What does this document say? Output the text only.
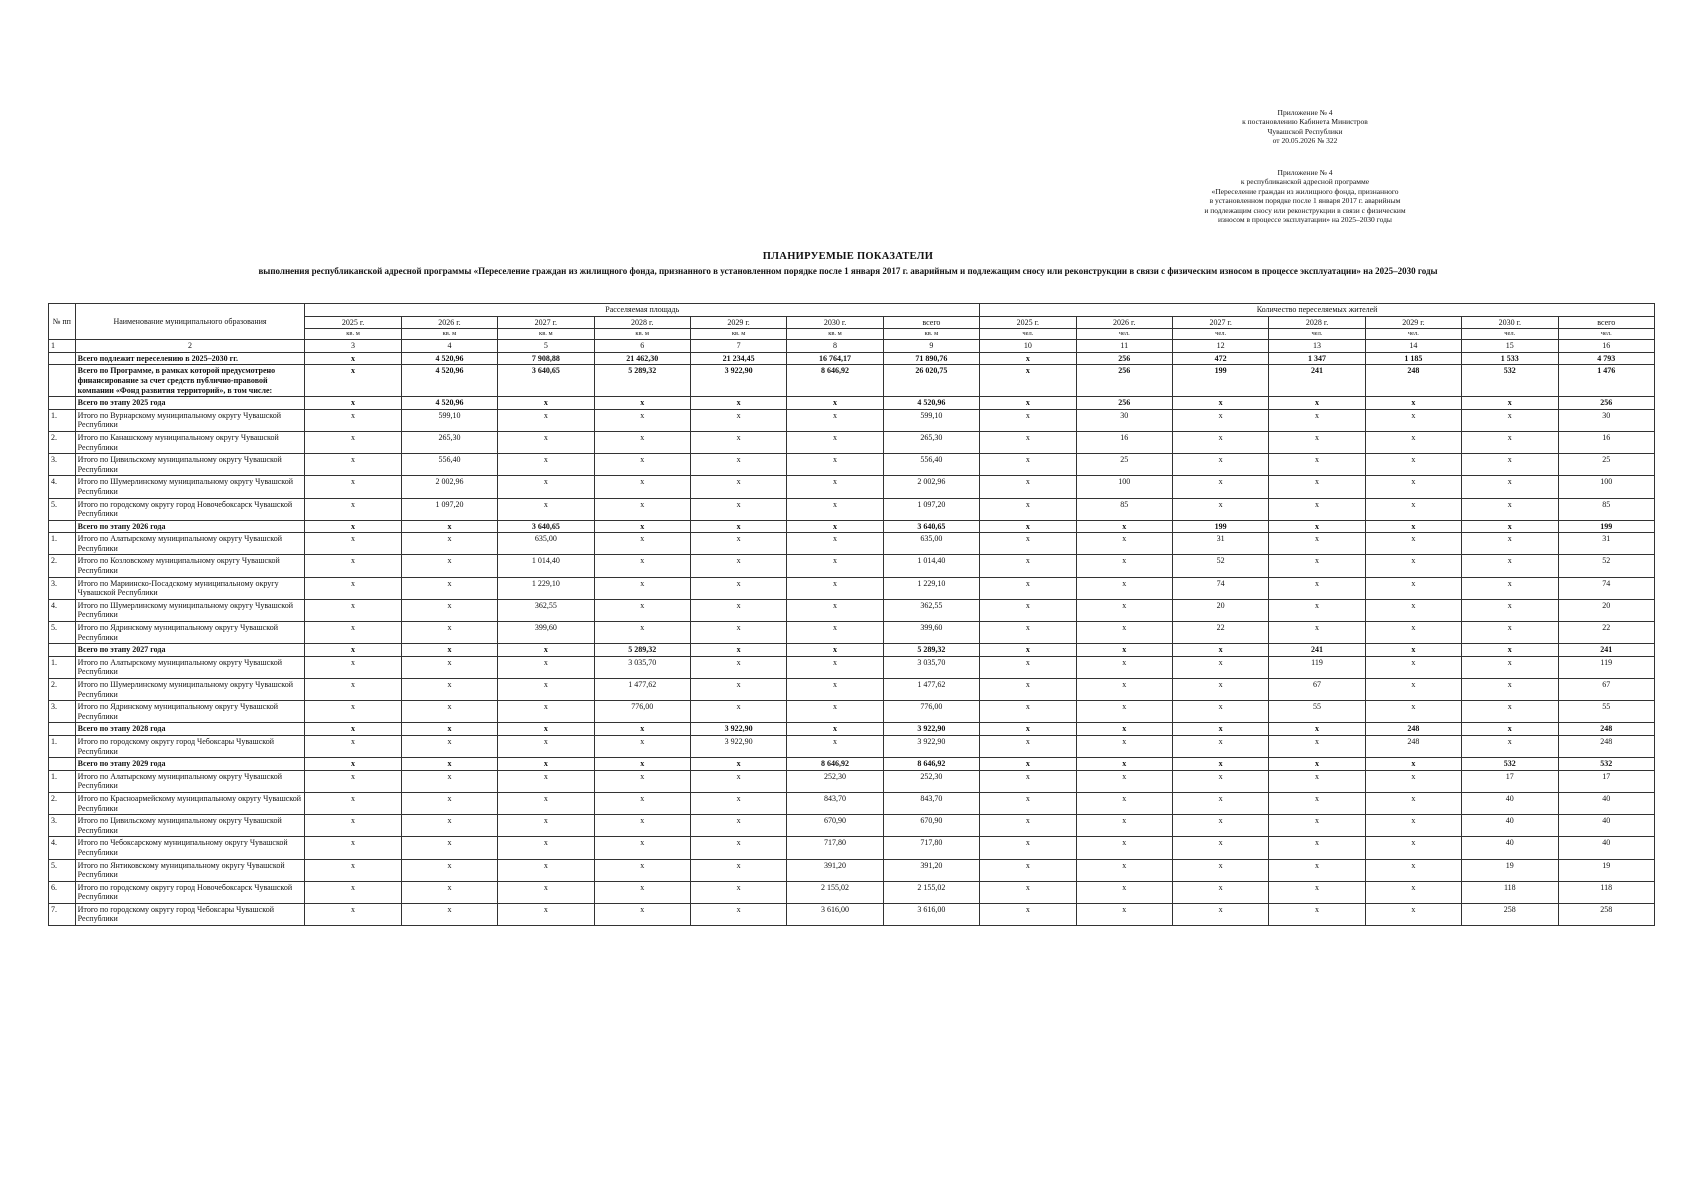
Приложение № 4
к постановлению Кабинета Министров
Чувашской Республики
от 20.05.2026 № 322
Приложение № 4
к республиканской адресной программе
«Переселение граждан из жилищного фонда, признанного
в установленном порядке после 1 января 2017 г. аварийным
и подлежащим сносу или реконструкции в связи с физическим
износом в процессе эксплуатации» на 2025–2030 годы
ПЛАНИРУЕМЫЕ ПОКАЗАТЕЛИ
выполнения республиканской адресной программы «Переселение граждан из жилищного фонда, признанного в установленном порядке после 1 января 2017 г. аварийным и подлежащим сносу или реконструкции в связи с физическим износом в процессе эксплуатации» на 2025–2030 годы
№ пп	Наименование муниципального образования	Расселяемая площадь							Количество переселяемых жителей						
		2025 г.	2026 г.	2027 г.	2028 г.	2029 г.	2030 г.	всего	2025 г.	2026 г.	2027 г.	2028 г.	2029 г.	2030 г.	всего
		кв. м	кв. м	кв. м	кв. м	кв. м	кв. м	кв. м	чел.	чел.	чел.	чел.	чел.	чел.	чел.
1	2	3	4	5	6	7	8	9	10	11	12	13	14	15	16
	Всего подлежит переселению в 2025–2030 гг.	x	4 520,96	7 908,88	21 462,30	21 234,45	16 764,17	71 890,76	x	256	472	1 347	1 185	1 533	4 793
	Всего по Программе, в рамках которой предусмотрено финансирование за счет средств публично-правовой компании «Фонд развития территорий», в том числе:	x	4 520,96	3 640,65	5 289,32	3 922,90	8 646,92	26 020,75	x	256	199	241	248	532	1 476
	Всего по этапу 2025 года	x	4 520,96	x	x	x	x	4 520,96	x	256	x	x	x	x	256
1.	Итого по Вурнарскому муниципальному округу Чувашской Республики	x	599,10	x	x	x	x	599,10	x	30	x	x	x	x	30
2.	Итого по Канашскому муниципальному округу Чувашской Республики	x	265,30	x	x	x	x	265,30	x	16	x	x	x	x	16
3.	Итого по Цивильскому муниципальному округу Чувашской Республики	x	556,40	x	x	x	x	556,40	x	25	x	x	x	x	25
4.	Итого по Шумерлинскому муниципальному округу Чувашской Республики	x	2 002,96	x	x	x	x	2 002,96	x	100	x	x	x	x	100
5.	Итого по городскому округу город Новочебоксарск Чувашской Республики	x	1 097,20	x	x	x	x	1 097,20	x	85	x	x	x	x	85
	Всего по этапу 2026 года	x	x	3 640,65	x	x	x	3 640,65	x	x	199	x	x	x	199
1.	Итого по Алатырскому муниципальному округу Чувашской Республики	x	x	635,00	x	x	x	635,00	x	x	31	x	x	x	31
2.	Итого по Козловскому муниципальному округу Чувашской Республики	x	x	1 014,40	x	x	x	1 014,40	x	x	52	x	x	x	52
3.	Итого по Мариинско-Посадскому муниципальному округу Чувашской Республики	x	x	1 229,10	x	x	x	1 229,10	x	x	74	x	x	x	74
4.	Итого по Шумерлинскому муниципальному округу Чувашской Республики	x	x	362,55	x	x	x	362,55	x	x	20	x	x	x	20
5.	Итого по Ядринскому муниципальному округу Чувашской Республики	x	x	399,60	x	x	x	399,60	x	x	22	x	x	x	22
	Всего по этапу 2027 года	x	x	x	5 289,32	x	x	5 289,32	x	x	x	241	x	x	241
1.	Итого по Алатырскому муниципальному округу Чувашской Республики	x	x	x	3 035,70	x	x	3 035,70	x	x	x	119	x	x	119
2.	Итого по Шумерлинскому муниципальному округу Чувашской Республики	x	x	x	1 477,62	x	x	1 477,62	x	x	x	67	x	x	67
3.	Итого по Ядринскому муниципальному округу Чувашской Республики	x	x	x	776,00	x	x	776,00	x	x	x	55	x	x	55
	Всего по этапу 2028 года	x	x	x	x	3 922,90	x	3 922,90	x	x	x	x	248	x	248
1.	Итого по городскому округу город Чебоксары Чувашской Республики	x	x	x	x	3 922,90	x	3 922,90	x	x	x	x	248	x	248
	Всего по этапу 2029 года	x	x	x	x	x	8 646,92	8 646,92	x	x	x	x	x	532	532
1.	Итого по Алатырскому муниципальному округу Чувашской Республики	x	x	x	x	x	252,30	252,30	x	x	x	x	x	17	17
2.	Итого по Красноармейскому муниципальному округу Чувашской Республики	x	x	x	x	x	843,70	843,70	x	x	x	x	x	40	40
3.	Итого по Цивильскому муниципальному округу Чувашской Республики	x	x	x	x	x	670,90	670,90	x	x	x	x	x	40	40
4.	Итого по Чебоксарскому муниципальному округу Чувашской Республики	x	x	x	x	x	717,80	717,80	x	x	x	x	x	40	40
5.	Итого по Янтиковскому муниципальному округу Чувашской Республики	x	x	x	x	x	391,20	391,20	x	x	x	x	x	19	19
6.	Итого по городскому округу город Новочебоксарск Чувашской Республики	x	x	x	x	x	2 155,02	2 155,02	x	x	x	x	x	118	118
7.	Итого по городскому округу город Чебоксары Чувашской Республики	x	x	x	x	x	3 616,00	3 616,00	x	x	x	x	x	258	258
